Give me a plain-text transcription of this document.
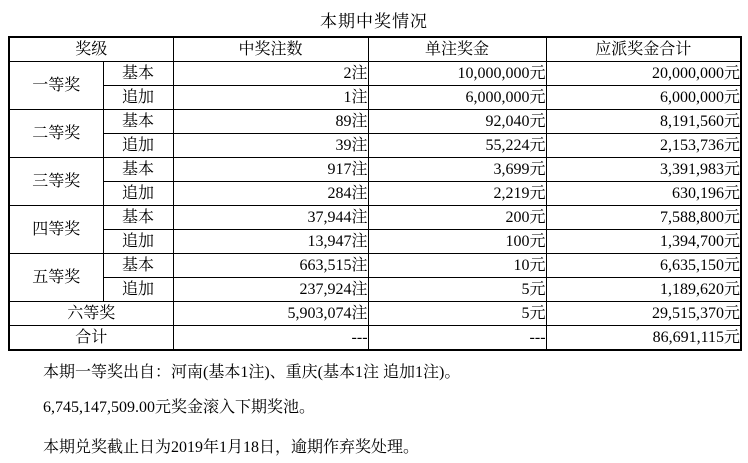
本期中奖情况
奖级		中奖注数	单注奖金	应派奖金合计
一等奖	基本	2注	10,000,000元	20,000,000元
	追加	1注	6,000,000元	6,000,000元
二等奖	基本	89注	92,040元	8,191,560元
	追加	39注	55,224元	2,153,736元
三等奖	基本	917注	3,699元	3,391,983元
	追加	284注	2,219元	630,196元
四等奖	基本	37,944注	200元	7,588,800元
	追加	13,947注	100元	1,394,700元
五等奖	基本	663,515注	10元	6,635,150元
	追加	237,924注	5元	1,189,620元
六等奖		5,903,074注	5元	29,515,370元
合计		---	---	86,691,115元
本期一等奖出自：河南(基本1注)、重庆(基本1注 追加1注)。
6,745,147,509.00元奖金滚入下期奖池。
本期兑奖截止日为2019年1月18日，逾期作弃奖处理。
